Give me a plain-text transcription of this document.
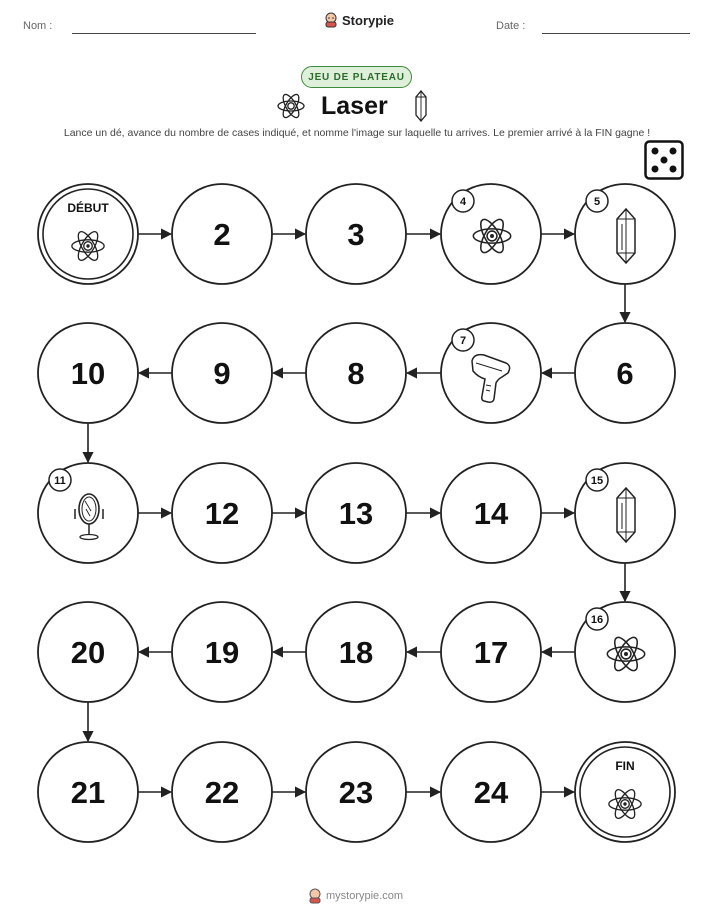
Nom :	Storypie	Date :
JEU DE PLATEAU
Laser
Lance un dé, avance du nombre de cases indiqué, et nomme l'image sur laquelle tu arrives. Le premier arrivé à la FIN gagne !
DÉBUT
2	3
4	5
6
7
8
9
10
11
12	13	14
15
16
17
18
19
20
21	22	23	24
FIN
mystorypie.com
